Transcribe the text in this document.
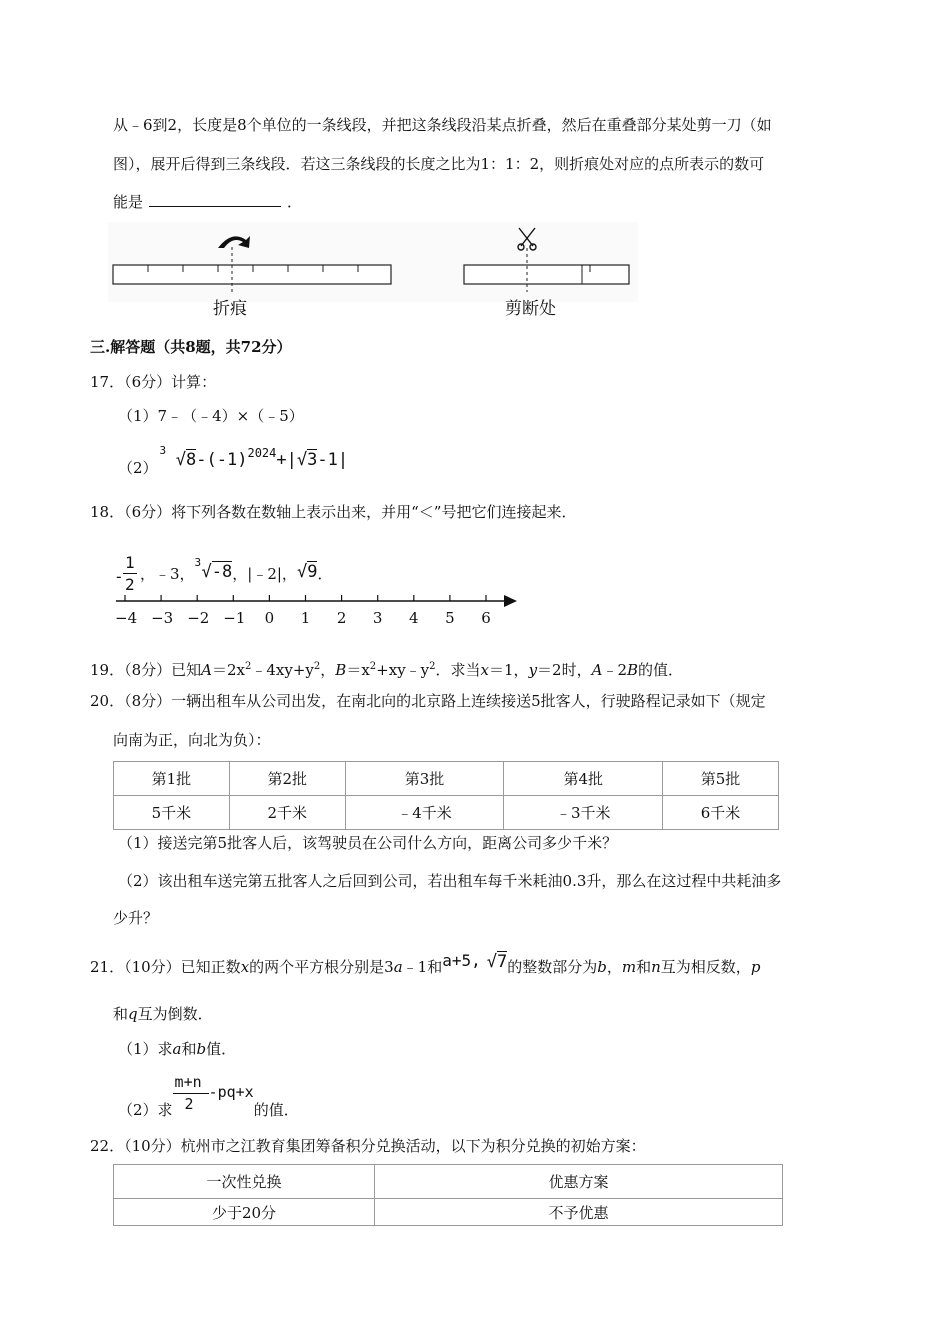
从﹣6到2，长度是8个单位的一条线段，并把这条线段沿某点折叠，然后在重叠部分某处剪一刀（如
图），展开后得到三条线段．若这三条线段的长度之比为1：1：2，则折痕处对应的点所表示的数可
能是	．
折痕	剪断处
三.解答题（共8题，共72分）
17．（6分）计算：
（1）7﹣（﹣4）×（﹣5）
（2）
3 $√8-(-1)^{2024}+|√3-1|$
18．（6分）将下列各数在数轴上表示出来，并用“＜”号把它们连接起来．
-
1
2
，﹣3，
3 √-8，|﹣2|，√9．
−4 −3 −2 −1	0	1	2	3	4	5	6
19．（8分）已知$A=2x^2﹣4xy+y^2$，$B=x^2+xy﹣y^2$．求当x＝1，y＝2时，A﹣2B的值．
20．（8分）一辆出租车从公司出发，在南北向的北京路上连续接送5批客人，行驶路程记录如下（规定
向南为正，向北为负）：
第1批	第2批	第3批	第4批	第5批
5千米	2千米	﹣4千米	﹣3千米	6千米
（1）接送完第5批客人后，该驾驶员在公司什么方向，距离公司多少千米？
（2）该出租车送完第五批客人之后回到公司，若出租车每千米耗油0.3升，那么在这过程中共耗油多
少升？
21．（10分）已知正数x的两个平方根分别是3a﹣1和a+5, √7的整数部分为b，m和n互为相反数，p
和q互为倒数．
（1）求a和b值．
（2）求 $\frac{m+n}{2}$
-pq+x的值．
22．（10分）杭州市之江教育集团筹备积分兑换活动，以下为积分兑换的初始方案：
一次性兑换	优惠方案
少于20分	不予优惠
